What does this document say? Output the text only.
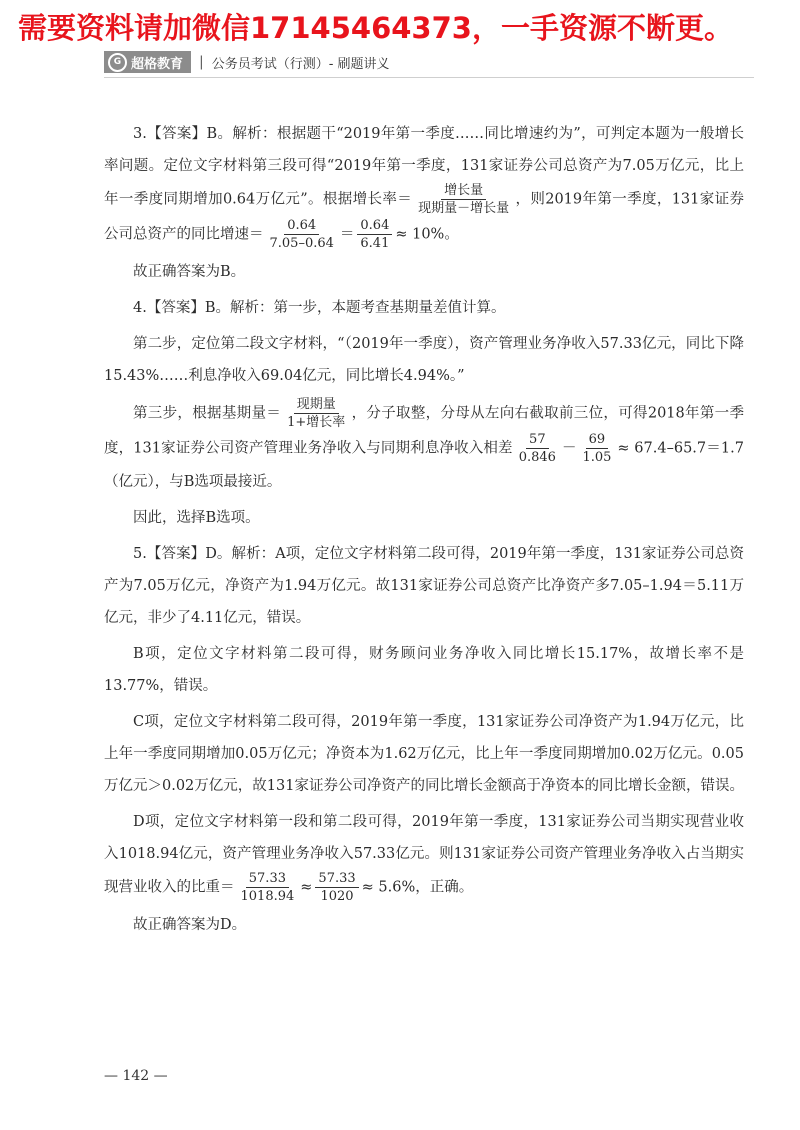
需要资料请加微信17145464373，一手资源不断更。
G 超格教育 | 公务员考试（行测）- 刷题讲义
3.【答案】B。解析：根据题干“2019年第一季度……同比增速约为”，可判定本题为一般增长率问题。定位文字材料第三段可得“2019年第一季度，131家证券公司总资产为7.05万亿元，比上年一季度同期增加0.64万亿元”。根据增长率＝ $\frac{\text{增长量}}{\text{现期量－增长量}}$ ，则2019年第一季度，131家证券公司总资产的同比增速＝ $\frac{0.64}{7.05-0.64} = \frac{0.64}{6.41} \approx 10\%$。
故正确答案为B。
4.【答案】B。解析：第一步，本题考查基期量差值计算。
第二步，定位第二段文字材料，“（2019年一季度），资产管理业务净收入57.33亿元，同比下降15.43%……利息净收入69.04亿元，同比增长4.94%。”
第三步，根据基期量＝ $\frac{\text{现期量}}{\text{1+增长率}}$ ，分子取整，分母从左向右截取前三位，可得2018年第一季度，131家证券公司资产管理业务净收入与同期利息净收入相差 $\frac{57}{0.846} - \frac{69}{1.05} \approx 67.4-65.7=1.7$（亿元），与B选项最接近。
因此，选择B选项。
5.【答案】D。解析：A项，定位文字材料第二段可得，2019年第一季度，131家证券公司总资产为7.05万亿元，净资产为1.94万亿元。故131家证券公司总资产比净资产多7.05–1.94＝5.11万亿元，非少了4.11亿元，错误。
B项，定位文字材料第二段可得，财务顾问业务净收入同比增长15.17%，故增长率不是13.77%，错误。
C项，定位文字材料第二段可得，2019年第一季度，131家证券公司净资产为1.94万亿元，比上年一季度同期增加0.05万亿元；净资本为1.62万亿元，比上年一季度同期增加0.02万亿元。0.05万亿元＞0.02万亿元，故131家证券公司净资产的同比增长金额高于净资本的同比增长金额，错误。
D项，定位文字材料第一段和第二段可得，2019年第一季度，131家证券公司当期实现营业收入1018.94亿元，资产管理业务净收入57.33亿元。则131家证券公司资产管理业务净收入占当期实现营业收入的比重＝ $\frac{57.33}{1018.94} \approx \frac{57.33}{1020} \approx 5.6\%$，正确。
故正确答案为D。
— 142 —
